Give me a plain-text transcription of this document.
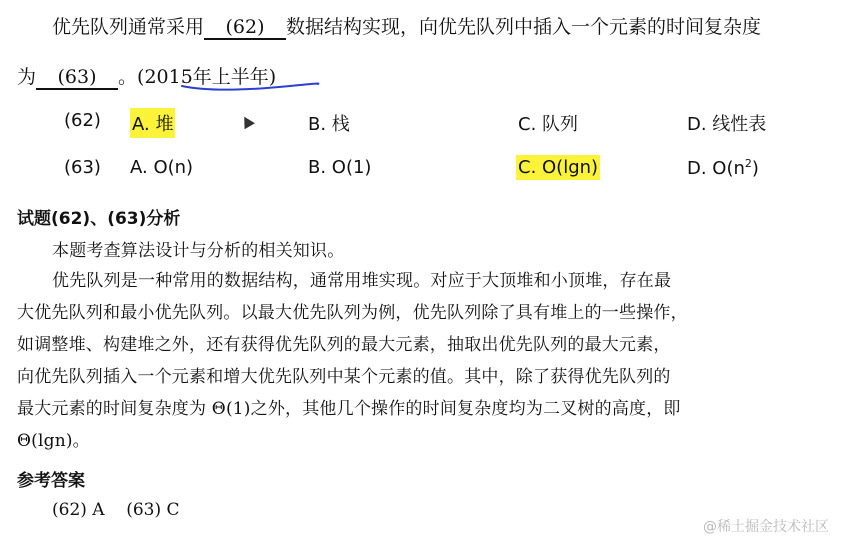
优先队列通常采用 (62) 数据结构实现，向优先队列中插入一个元素的时间复杂度
为 (63) 。(2015年上半年)
(62) A. 堆	B. 栈	C. 队列	D. 线性表
(63) A. O(n)	B. O(1)	C. O(lgn)	D. $O(n^2)$
试题(62)、(63)分析
本题考查算法设计与分析的相关知识。
优先队列是一种常用的数据结构，通常用堆实现。对应于大顶堆和小顶堆，存在最
大优先队列和最小优先队列。以最大优先队列为例，优先队列除了具有堆上的一些操作，
如调整堆、构建堆之外，还有获得优先队列的最大元素，抽取出优先队列的最大元素，
向优先队列插入一个元素和增大优先队列中某个元素的值。其中，除了获得优先队列的
最大元素的时间复杂度为 Θ(1)之外，其他几个操作的时间复杂度均为二叉树的高度，即
Θ(lgn)。
参考答案
(62) A    (63) C
@稀土掘金技术社区
